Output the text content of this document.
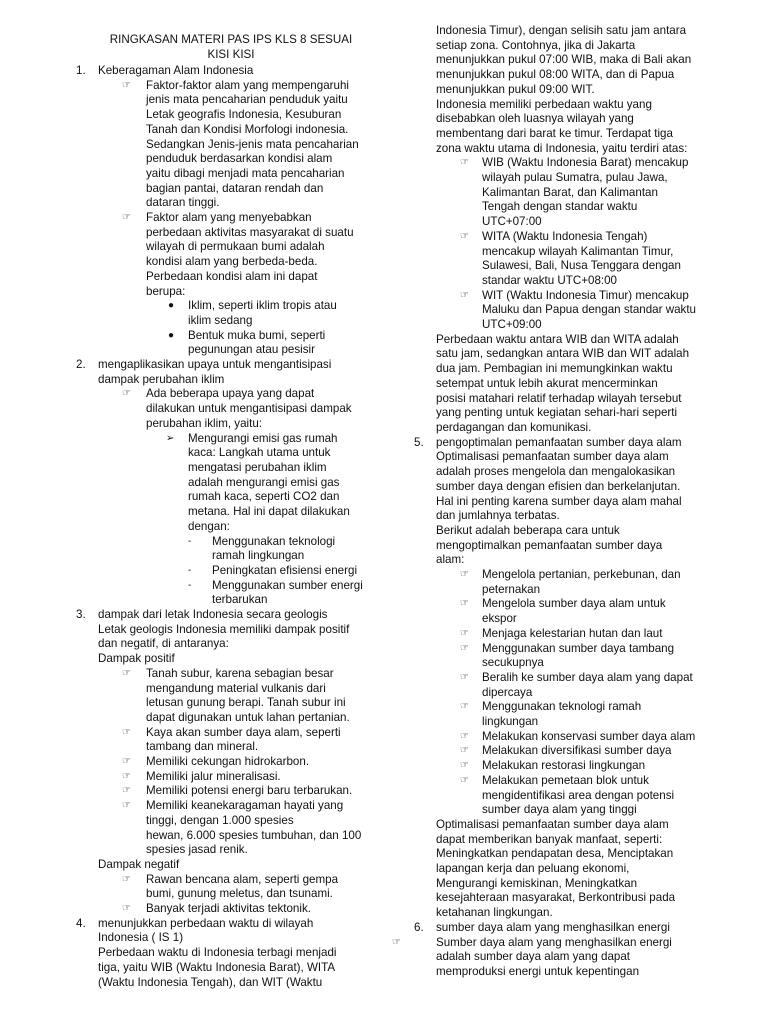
RINGKASAN MATERI PAS IPS KLS 8 SESUAI
KISI KISI
1. Keberagaman Alam Indonesia
☞ Faktor-faktor alam yang mempengaruhi
jenis mata pencaharian penduduk yaitu
Letak geografis Indonesia, Kesuburan
Tanah dan Kondisi Morfologi indonesia.
Sedangkan Jenis-jenis mata pencaharian
penduduk berdasarkan kondisi alam
yaitu dibagi menjadi mata pencaharian
bagian pantai, dataran rendah dan
dataran tinggi.
☞ Faktor alam yang menyebabkan
perbedaan aktivitas masyarakat di suatu
wilayah di permukaan bumi adalah
kondisi alam yang berbeda-beda.
Perbedaan kondisi alam ini dapat
berupa:
● Iklim, seperti iklim tropis atau
iklim sedang
● Bentuk muka bumi, seperti
pegunungan atau pesisir
2. mengaplikasikan upaya untuk mengantisipasi
dampak perubahan iklim
☞ Ada beberapa upaya yang dapat
dilakukan untuk mengantisipasi dampak
perubahan iklim, yaitu:
➢ Mengurangi emisi gas rumah
kaca: Langkah utama untuk
mengatasi perubahan iklim
adalah mengurangi emisi gas
rumah kaca, seperti CO2 dan
metana. Hal ini dapat dilakukan
dengan:
- Menggunakan teknologi
ramah lingkungan
- Peningkatan efisiensi energi
- Menggunakan sumber energi
terbarukan
3. dampak dari letak Indonesia secara geologis
Letak geologis Indonesia memiliki dampak positif
dan negatif, di antaranya:
Dampak positif
☞ Tanah subur, karena sebagian besar
mengandung material vulkanis dari
letusan gunung berapi. Tanah subur ini
dapat digunakan untuk lahan pertanian.
☞ Kaya akan sumber daya alam, seperti
tambang dan mineral.
☞ Memiliki cekungan hidrokarbon.
☞ Memiliki jalur mineralisasi.
☞ Memiliki potensi energi baru terbarukan.
☞ Memiliki keanekaragaman hayati yang
tinggi, dengan 1.000 spesies
hewan, 6.000 spesies tumbuhan, dan 100
spesies jasad renik.
Dampak negatif
☞ Rawan bencana alam, seperti gempa
bumi, gunung meletus, dan tsunami.
☞ Banyak terjadi aktivitas tektonik.
4. menunjukkan perbedaan waktu di wilayah
Indonesia ( IS 1)
Perbedaan waktu di Indonesia terbagi menjadi
tiga, yaitu WIB (Waktu Indonesia Barat), WITA
(Waktu Indonesia Tengah), dan WIT (Waktu
Indonesia Timur), dengan selisih satu jam antara
setiap zona. Contohnya, jika di Jakarta
menunjukkan pukul 07:00 WIB, maka di Bali akan
menunjukkan pukul 08:00 WITA, dan di Papua
menunjukkan pukul 09:00 WIT.
Indonesia memiliki perbedaan waktu yang
disebabkan oleh luasnya wilayah yang
membentang dari barat ke timur. Terdapat tiga
zona waktu utama di Indonesia, yaitu terdiri atas:
☞ WIB (Waktu Indonesia Barat) mencakup
wilayah pulau Sumatra, pulau Jawa,
Kalimantan Barat, dan Kalimantan
Tengah dengan standar waktu
UTC+07:00
☞ WITA (Waktu Indonesia Tengah)
mencakup wilayah Kalimantan Timur,
Sulawesi, Bali, Nusa Tenggara dengan
standar waktu UTC+08:00
☞ WIT (Waktu Indonesia Timur) mencakup
Maluku dan Papua dengan standar waktu
UTC+09:00
Perbedaan waktu antara WIB dan WITA adalah
satu jam, sedangkan antara WIB dan WIT adalah
dua jam. Pembagian ini memungkinkan waktu
setempat untuk lebih akurat mencerminkan
posisi matahari relatif terhadap wilayah tersebut
yang penting untuk kegiatan sehari-hari seperti
perdagangan dan komunikasi.
5. pengoptimalan pemanfaatan sumber daya alam
Optimalisasi pemanfaatan sumber daya alam
adalah proses mengelola dan mengalokasikan
sumber daya dengan efisien dan berkelanjutan.
Hal ini penting karena sumber daya alam mahal
dan jumlahnya terbatas.
Berikut adalah beberapa cara untuk
mengoptimalkan pemanfaatan sumber daya
alam:
☞ Mengelola pertanian, perkebunan, dan
peternakan
☞ Mengelola sumber daya alam untuk
ekspor
☞ Menjaga kelestarian hutan dan laut
☞ Menggunakan sumber daya tambang
secukupnya
☞ Beralih ke sumber daya alam yang dapat
dipercaya
☞ Menggunakan teknologi ramah
lingkungan
☞ Melakukan konservasi sumber daya alam
☞ Melakukan diversifikasi sumber daya
☞ Melakukan restorasi lingkungan
☞ Melakukan pemetaan blok untuk
mengidentifikasi area dengan potensi
sumber daya alam yang tinggi
Optimalisasi pemanfaatan sumber daya alam
dapat memberikan banyak manfaat, seperti:
Meningkatkan pendapatan desa, Menciptakan
lapangan kerja dan peluang ekonomi,
Mengurangi kemiskinan, Meningkatkan
kesejahteraan masyarakat, Berkontribusi pada
ketahanan lingkungan.
6. sumber daya alam yang menghasilkan energi
☞	Sumber daya alam yang menghasilkan energi
adalah sumber daya alam yang dapat
memproduksi energi untuk kepentingan
